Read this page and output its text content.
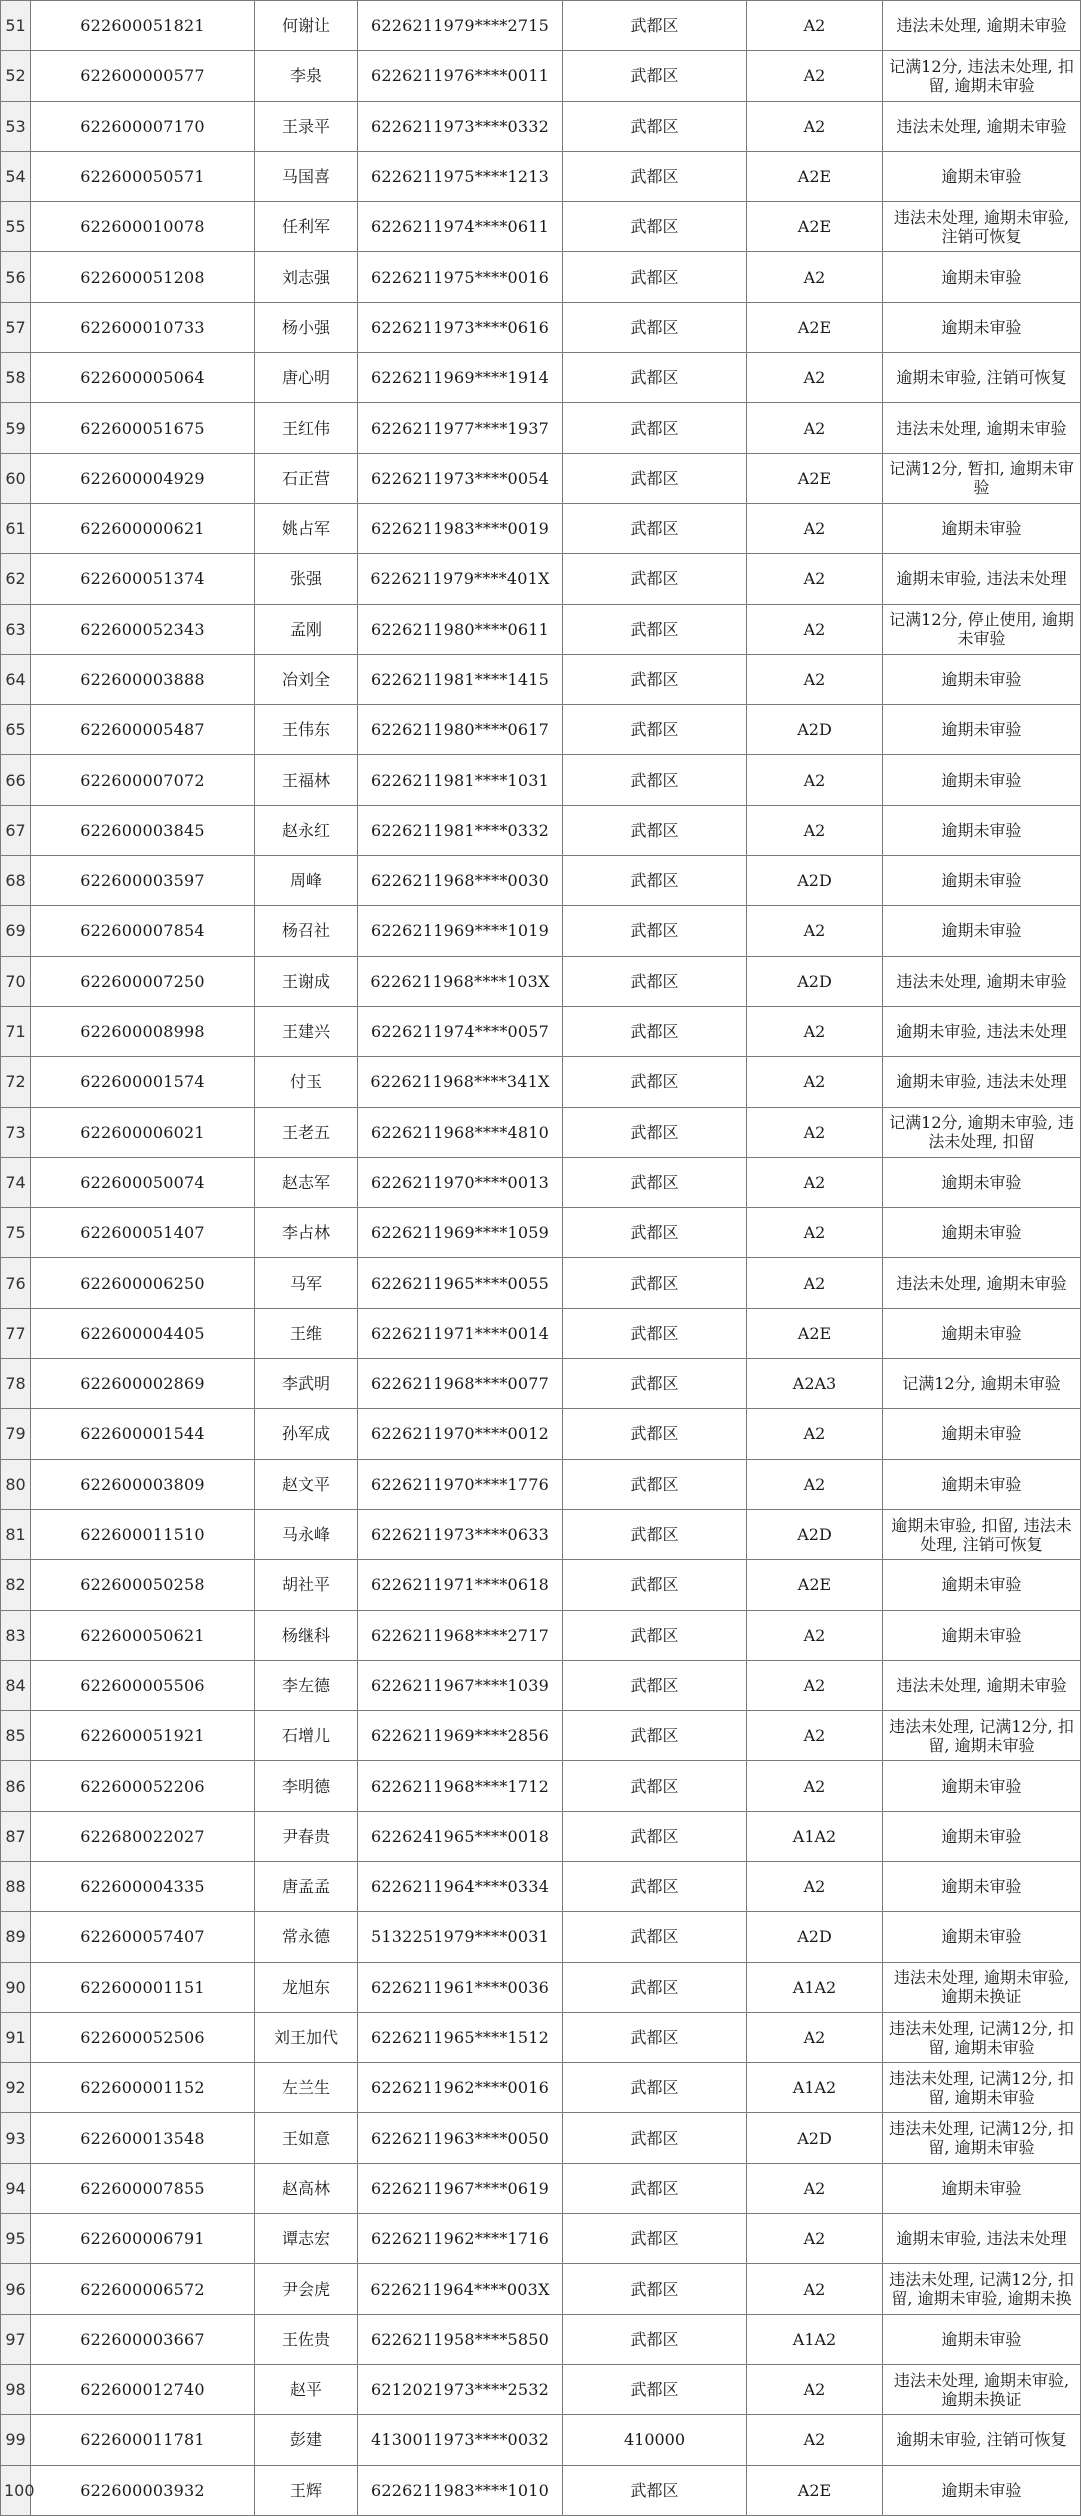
51	622600051821	何谢让	6226211979****2715	武都区	A2	违法未处理, 逾期未审验
52	622600000577	李泉	6226211976****0011	武都区	A2	记满12分, 违法未处理, 扣留, 逾期未审验
53	622600007170	王录平	6226211973****0332	武都区	A2	违法未处理, 逾期未审验
54	622600050571	马国喜	6226211975****1213	武都区	A2E	逾期未审验
55	622600010078	任利军	6226211974****0611	武都区	A2E	违法未处理, 逾期未审验, 注销可恢复
56	622600051208	刘志强	6226211975****0016	武都区	A2	逾期未审验
57	622600010733	杨小强	6226211973****0616	武都区	A2E	逾期未审验
58	622600005064	唐心明	6226211969****1914	武都区	A2	逾期未审验, 注销可恢复
59	622600051675	王红伟	6226211977****1937	武都区	A2	违法未处理, 逾期未审验
60	622600004929	石正营	6226211973****0054	武都区	A2E	记满12分, 暂扣, 逾期未审验
61	622600000621	姚占军	6226211983****0019	武都区	A2	逾期未审验
62	622600051374	张强	6226211979****401X	武都区	A2	逾期未审验, 违法未处理
63	622600052343	孟刚	6226211980****0611	武都区	A2	记满12分, 停止使用, 逾期未审验
64	622600003888	冶刘全	6226211981****1415	武都区	A2	逾期未审验
65	622600005487	王伟东	6226211980****0617	武都区	A2D	逾期未审验
66	622600007072	王福林	6226211981****1031	武都区	A2	逾期未审验
67	622600003845	赵永红	6226211981****0332	武都区	A2	逾期未审验
68	622600003597	周峰	6226211968****0030	武都区	A2D	逾期未审验
69	622600007854	杨召社	6226211969****1019	武都区	A2	逾期未审验
70	622600007250	王谢成	6226211968****103X	武都区	A2D	违法未处理, 逾期未审验
71	622600008998	王建兴	6226211974****0057	武都区	A2	逾期未审验, 违法未处理
72	622600001574	付玉	6226211968****341X	武都区	A2	逾期未审验, 违法未处理
73	622600006021	王老五	6226211968****4810	武都区	A2	记满12分, 逾期未审验, 违法未处理, 扣留
74	622600050074	赵志军	6226211970****0013	武都区	A2	逾期未审验
75	622600051407	李占林	6226211969****1059	武都区	A2	逾期未审验
76	622600006250	马军	6226211965****0055	武都区	A2	违法未处理, 逾期未审验
77	622600004405	王维	6226211971****0014	武都区	A2E	逾期未审验
78	622600002869	李武明	6226211968****0077	武都区	A2A3	记满12分, 逾期未审验
79	622600001544	孙军成	6226211970****0012	武都区	A2	逾期未审验
80	622600003809	赵文平	6226211970****1776	武都区	A2	逾期未审验
81	622600011510	马永峰	6226211973****0633	武都区	A2D	逾期未审验, 扣留, 违法未处理, 注销可恢复
82	622600050258	胡社平	6226211971****0618	武都区	A2E	逾期未审验
83	622600050621	杨继科	6226211968****2717	武都区	A2	逾期未审验
84	622600005506	李左德	6226211967****1039	武都区	A2	违法未处理, 逾期未审验
85	622600051921	石增儿	6226211969****2856	武都区	A2	违法未处理, 记满12分, 扣留, 逾期未审验
86	622600052206	李明德	6226211968****1712	武都区	A2	逾期未审验
87	622680022027	尹春贵	6226241965****0018	武都区	A1A2	逾期未审验
88	622600004335	唐孟孟	6226211964****0334	武都区	A2	逾期未审验
89	622600057407	常永德	5132251979****0031	武都区	A2D	逾期未审验
90	622600001151	龙旭东	6226211961****0036	武都区	A1A2	违法未处理, 逾期未审验, 逾期未换证
91	622600052506	刘王加代	6226211965****1512	武都区	A2	违法未处理, 记满12分, 扣留, 逾期未审验
92	622600001152	左兰生	6226211962****0016	武都区	A1A2	违法未处理, 记满12分, 扣留, 逾期未审验
93	622600013548	王如意	6226211963****0050	武都区	A2D	违法未处理, 记满12分, 扣留, 逾期未审验
94	622600007855	赵高林	6226211967****0619	武都区	A2	逾期未审验
95	622600006791	谭志宏	6226211962****1716	武都区	A2	逾期未审验, 违法未处理
96	622600006572	尹会虎	6226211964****003X	武都区	A2	违法未处理, 记满12分, 扣留, 逾期未审验, 逾期未换
97	622600003667	王佐贵	6226211958****5850	武都区	A1A2	逾期未审验
98	622600012740	赵平	6212021973****2532	武都区	A2	违法未处理, 逾期未审验, 逾期未换证
99	622600011781	彭建	4130011973****0032	410000	A2	逾期未审验, 注销可恢复
100	622600003932	王辉	6226211983****1010	武都区	A2E	逾期未审验
